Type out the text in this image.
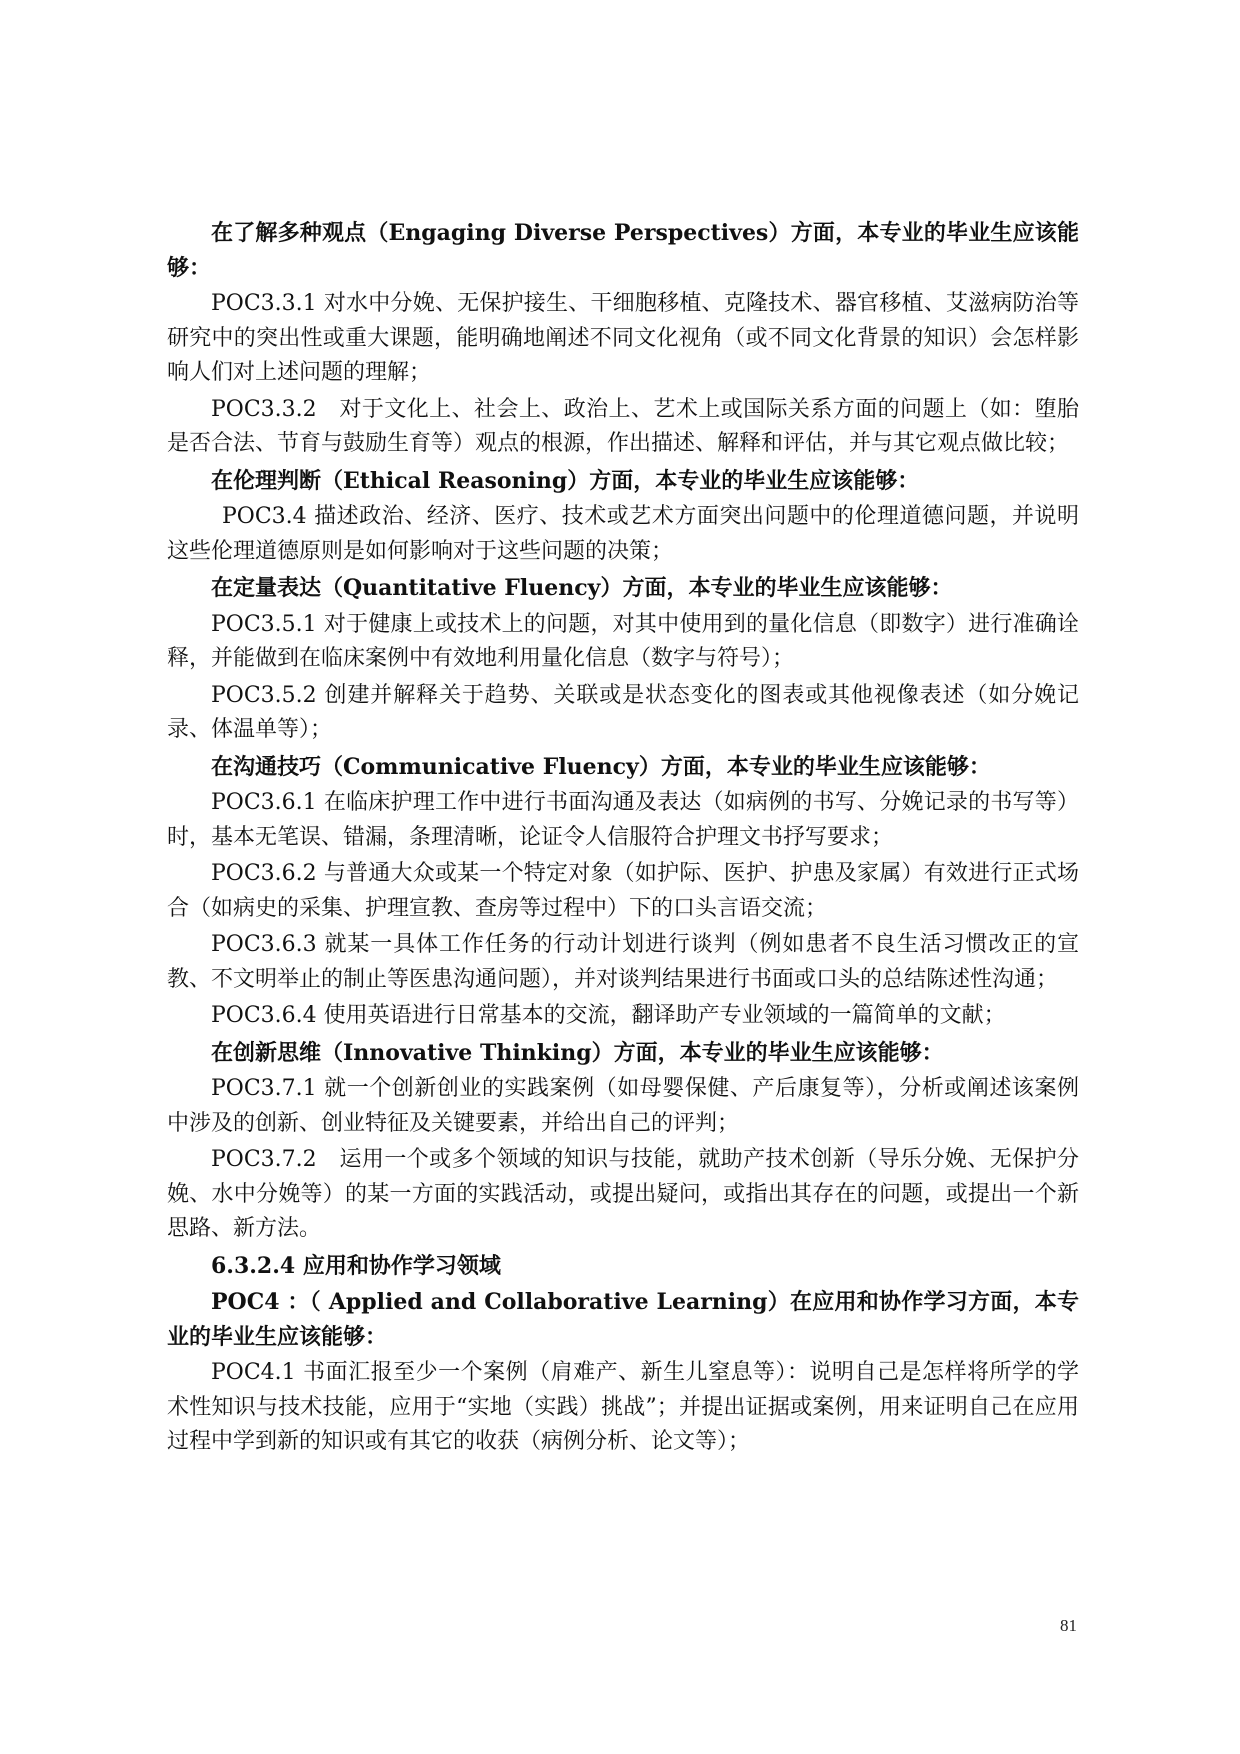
在了解多种观点（Engaging Diverse Perspectives）方面，本专业的毕业生应该能够：

POC3.3.1 对水中分娩、无保护接生、干细胞移植、克隆技术、器官移植、艾滋病防治等研究中的突出性或重大课题，能明确地阐述不同文化视角（或不同文化背景的知识）会怎样影响人们对上述问题的理解；

POC3.3.2　对于文化上、社会上、政治上、艺术上或国际关系方面的问题上（如：堕胎是否合法、节育与鼓励生育等）观点的根源，作出描述、解释和评估，并与其它观点做比较；

在伦理判断（Ethical Reasoning）方面，本专业的毕业生应该能够：

POC3.4 描述政治、经济、医疗、技术或艺术方面突出问题中的伦理道德问题，并说明这些伦理道德原则是如何影响对于这些问题的决策；

在定量表达（Quantitative Fluency）方面，本专业的毕业生应该能够：

POC3.5.1 对于健康上或技术上的问题，对其中使用到的量化信息（即数字）进行准确诠释，并能做到在临床案例中有效地利用量化信息（数字与符号）；

POC3.5.2 创建并解释关于趋势、关联或是状态变化的图表或其他视像表述（如分娩记录、体温单等）；

在沟通技巧（Communicative Fluency）方面，本专业的毕业生应该能够：

POC3.6.1 在临床护理工作中进行书面沟通及表达（如病例的书写、分娩记录的书写等）时，基本无笔误、错漏，条理清晰，论证令人信服符合护理文书抒写要求；

POC3.6.2 与普通大众或某一个特定对象（如护际、医护、护患及家属）有效进行正式场合（如病史的采集、护理宣教、查房等过程中）下的口头言语交流；

POC3.6.3 就某一具体工作任务的行动计划进行谈判（例如患者不良生活习惯改正的宣教、不文明举止的制止等医患沟通问题），并对谈判结果进行书面或口头的总结陈述性沟通；

POC3.6.4 使用英语进行日常基本的交流，翻译助产专业领域的一篇简单的文献；

在创新思维（Innovative Thinking）方面，本专业的毕业生应该能够：

POC3.7.1 就一个创新创业的实践案例（如母婴保健、产后康复等），分析或阐述该案例中涉及的创新、创业特征及关键要素，并给出自己的评判；

POC3.7.2　运用一个或多个领域的知识与技能，就助产技术创新（导乐分娩、无保护分娩、水中分娩等）的某一方面的实践活动，或提出疑问，或指出其存在的问题，或提出一个新思路、新方法。

6.3.2.4 应用和协作学习领域

POC4 ：（ Applied and Collaborative Learning）在应用和协作学习方面，本专业的毕业生应该能够：

POC4.1 书面汇报至少一个案例（肩难产、新生儿窒息等）：说明自己是怎样将所学的学术性知识与技术技能，应用于“实地（实践）挑战”；并提出证据或案例，用来证明自己在应用过程中学到新的知识或有其它的收获（病例分析、论文等）；

81
